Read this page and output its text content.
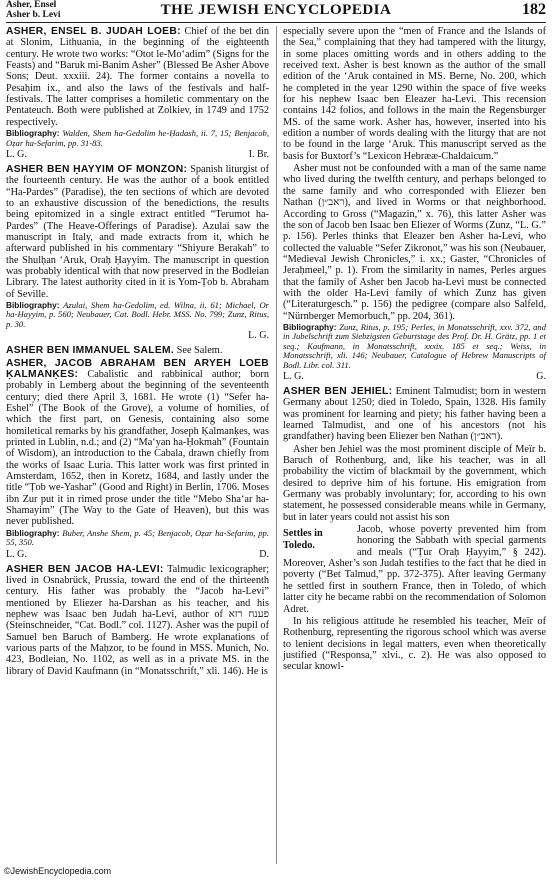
Asher, Ensel
Asher b. Levi	THE JEWISH ENCYCLOPEDIA	182

ASHER, ENSEL B. JUDAH LOEB: Chief of the bet din at Slonim, Lithuania, in the beginning of the eighteenth century. He wrote two works: “Otot le-Mo‘adim” (Signs for the Feasts) and “Baruk mi-Banim Asher” (Blessed Be Asher Above Sons; Deut. xxxiii. 24). The former contains a novella to Pesaḥim ix., and also the laws of the festivals and half-festivals. The latter comprises a homiletic commentary on the Pentateuch. Both were published at Zolkiev, in 1749 and 1752 respectively.

Bibliography: Walden, Shem ha-Gedolim he-Ḥadash, ii. 7, 15; Benjacob, Oẓar ha-Sefarim, pp. 31-83.

L. G.	I. Br.

ASHER BEN ḤAYYIM OF MONZON: Spanish liturgist of the fourteenth century. He was the author of a book entitled “Ha-Pardes” (Paradise), the ten sections of which are devoted to an exhaustive discussion of the benedictions, the results being epitomized in a single extract entitled “Terumot ha-Pardes” (The Heave-Offerings of Paradise). Azulai saw the manuscript in Italy, and made extracts from it, which he afterward published in his commentary “Shiyure Berakah” to the Shulḥan ‘Aruk, Oraḥ Ḥayyim. The manuscript in question was probably identical with that now preserved in the Bodleian Library. The latest authority cited in it is Yom-Ṭob b. Abraham of Seville.

Bibliography: Azulai, Shem ha-Gedolim, ed. Wilna, ii. 61; Michael, Or ha-Ḥayyim, p. 560; Neubauer, Cat. Bodl. Hebr. MSS. No. 799; Zunz, Ritus, p. 30.

L. G.

ASHER BEN IMMANUEL SALEM. See Salem.

ASHER, JACOB ABRAHAM BEN ARYEH LOEB ḲALMANḲES: Cabalistic and rabbinical author; born probably in Lemberg about the beginning of the seventeenth century; died there April 3, 1681. He wrote (1) “Sefer ha-Eshel” (The Book of the Grove), a volume of homilies, of which the first part, on Genesis, containing also some homiletical remarks by his grandfather, Joseph Ḳalmanḳes, was printed in Lublin, n.d.; and (2) “Ma‘yan ha-Ḥokmah” (Fountain of Wisdom), an introduction to the Cabala, drawn chiefly from the works of Isaac Luria. This latter work was first printed in Amsterdam, 1652, then in Koretz, 1684, and lastly under the title “Ṭob we-Yashar” (Good and Right) in Berlin, 1706. Moses ibn Zur put it in rimed prose under the title “Mebo Sha‘ar ha-Shamayim” (The Way to the Gate of Heaven), but this was never published.

Bibliography: Buber, Anshe Shem, p. 45; Benjacob, Oẓar ha-Sefarim, pp. 55, 350.

L. G.	D.

ASHER BEN JACOB HA-LEVI: Talmudic lexicographer; lived in Osnabrück, Prussia, toward the end of the thirteenth century. His father was probably the “Jacob ha-Levi” mentioned by Eliezer ha-Darshan as his teacher, and his nephew was Isaac ben Judah ha-Levi, author of פענח רזא (Steinschneider, “Cat. Bodl.” col. 1127). Asher was the pupil of Samuel ben Baruch of Bamberg. He wrote explanations of various parts of the Maḥzor, to be found in MSS. Munich, No. 423, Bodleian, No. 1102, as well as in a private MS. in the library of David Kaufmann (in “Monatsschrift,” xli. 146). He is

especially severe upon the “men of France and the Islands of the Sea,” complaining that they had tampered with the liturgy, in some places omitting words and in others adding to the received text. Asher is best known as the author of the small edition of the ‘Aruk contained in MS. Berne, No. 200, which he completed in the year 1290 within the space of five weeks for his nephew Isaac ben Eleazer ha-Levi. This recension contains 142 folios, and follows in the main the Regensburger MS. of the same work. Asher has, however, inserted into his edition a number of words dealing with the liturgy that are not to be found in the large ‘Aruk. This manuscript served as the basis for Buxtorf’s “Lexicon Hebrææ-Chaldaicum.”

Asher must not be confounded with a man of the same name who lived during the twelfth century, and perhaps belonged to the same family and who corresponded with Eliezer ben Nathan (ראב״ן), and lived in Worms or that neighborhood. According to Gross (“Magazin,” x. 76), this latter Asher was the son of Jacob ben Isaac ben Eliezer of Worms (Zunz, “L. G.” p. 156). Perles thinks that Eleazer ben Asher ha-Levi, who collected the valuable “Sefer Zikronot,” was his son (Neubauer, “Medieval Jewish Chronicles,” i. xx.; Gaster, “Chronicles of Jeraḥmeel,” p. 1). From the similarity in names, Perles argues that the family of Asher ben Jacob ha-Levi must be connected with the older Ha-Levi family of which Zunz has given (“Literaturgesch.” p. 156) the pedigree (compare also Salfeld, “Nürnberger Memorbuch,” pp. 204, 361).

Bibliography: Zunz, Ritus, p. 195; Perles, in Monatsschrift, xxv. 372, and in Jubelschrift zum Siebzigsten Geburtstage des Prof. Dr. H. Grätz, pp. 1 et seq.; Kaufmann, in Monatsschrift, xxxix. 185 et seq.; Weiss, in Monatsschrift, xli. 146; Neubauer, Catalogue of Hebrew Manuscripts of Bodl. Libr. col. 311.

L. G.	G.

ASHER BEN JEHIEL: Eminent Talmudist; born in western Germany about 1250; died in Toledo, Spain, 1328. His family was prominent for learning and piety; his father having been a learned Talmudist, and one of his ancestors (not his grandfather) having been Eliezer ben Nathan (ראב״ן).

Asher ben Jehiel was the most prominent disciple of Meïr b. Baruch of Rothenburg, and, like his teacher, was in all probability the victim of blackmail by the government, which desired to deprive him of his fortune. His emigration from Germany was probably involuntary; for, according to his own statement, he possessed considerable means while in Germany, but in later years could not assist his son

Settles in Toledo.

Jacob, whose poverty prevented him from honoring the Sabbath with special garments and meals (“Ṭur Oraḥ Ḥayyim,” § 242). Moreover, Asher’s son Judah testifies to the fact that he died in poverty (“Bet Talmud,” pp. 372-375). After leaving Germany he settled first in southern France, then in Toledo, of which latter city he became rabbi on the recommendation of Solomon Adret.

In his religious attitude he resembled his teacher, Meïr of Rothenburg, representing the rigorous school which was averse to lenient decisions in legal matters, even when theoretically justified (“Responsa,” xlvi., c. 2). He was also opposed to secular knowl-

©JewishEncyclopedia.com
